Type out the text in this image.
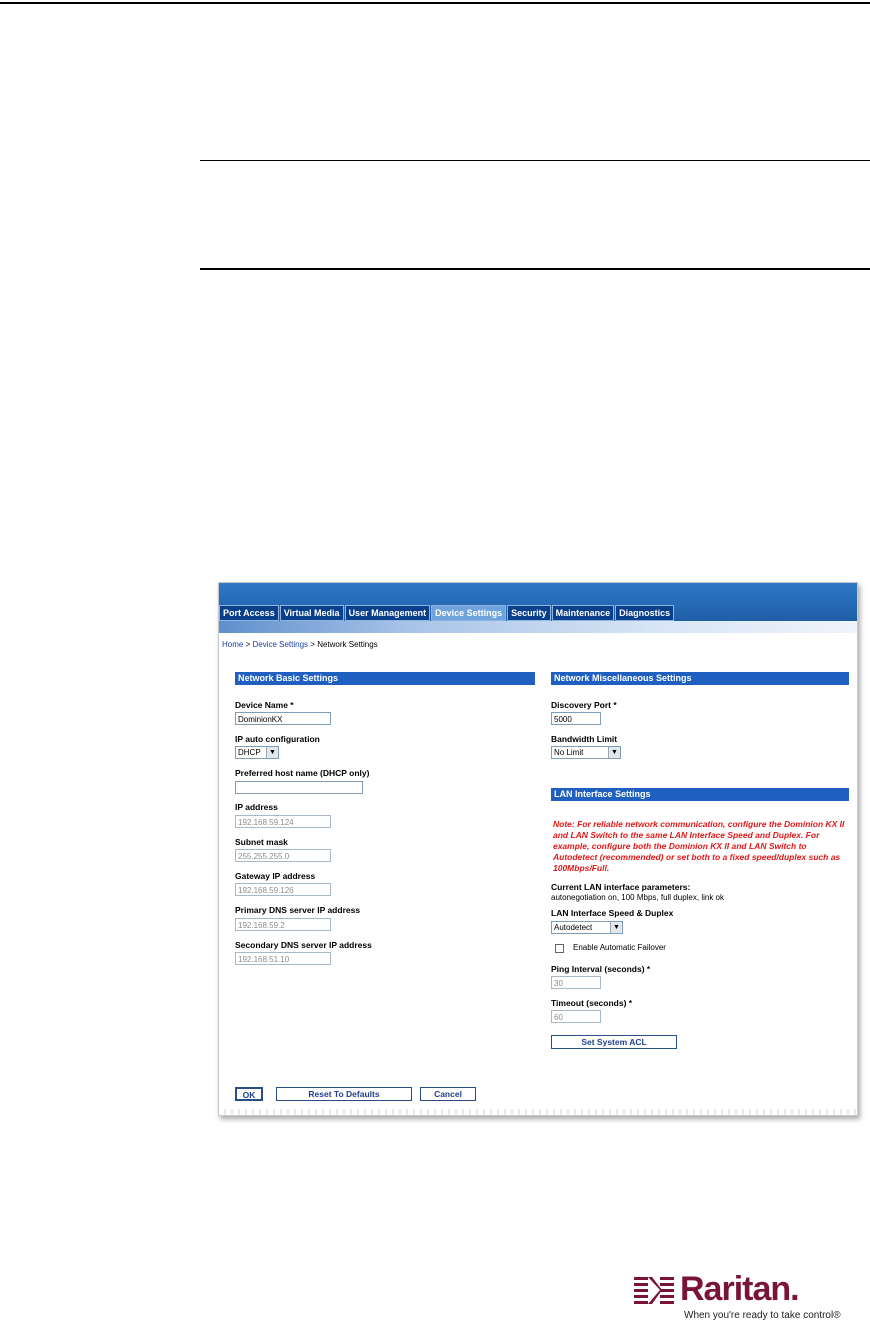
Port Access	Virtual Media	User Management	Device Settings	Security	Maintenance	Diagnostics
Home > Device Settings > Network Settings
Network Basic Settings
Device Name *
DominionKX
IP auto configuration
DHCP	▼
Preferred host name (DHCP only)
IP address
192.168.59.124
Subnet mask
255.255.255.0
Gateway IP address
192.168.59.126
Primary DNS server IP address
192.168.59.2
Secondary DNS server IP address
192.168.51.10
Network Miscellaneous Settings
Discovery Port *
5000
Bandwidth Limit
No Limit	▼
LAN Interface Settings
Note: For reliable network communication, configure the Dominion KX II and LAN Switch to the same LAN Interface Speed and Duplex. For example, configure both the Dominion KX II and LAN Switch to Autodetect (recommended) or set both to a fixed speed/duplex such as 100Mbps/Full.
Current LAN interface parameters:
autonegotiation on, 100 Mbps, full duplex, link ok
LAN Interface Speed & Duplex
Autodetect	▼
Enable Automatic Failover
Ping Interval (seconds) *
30
Timeout (seconds) *
60
Set System ACL
OK	Reset To Defaults	Cancel
Raritan.
When you're ready to take control®
